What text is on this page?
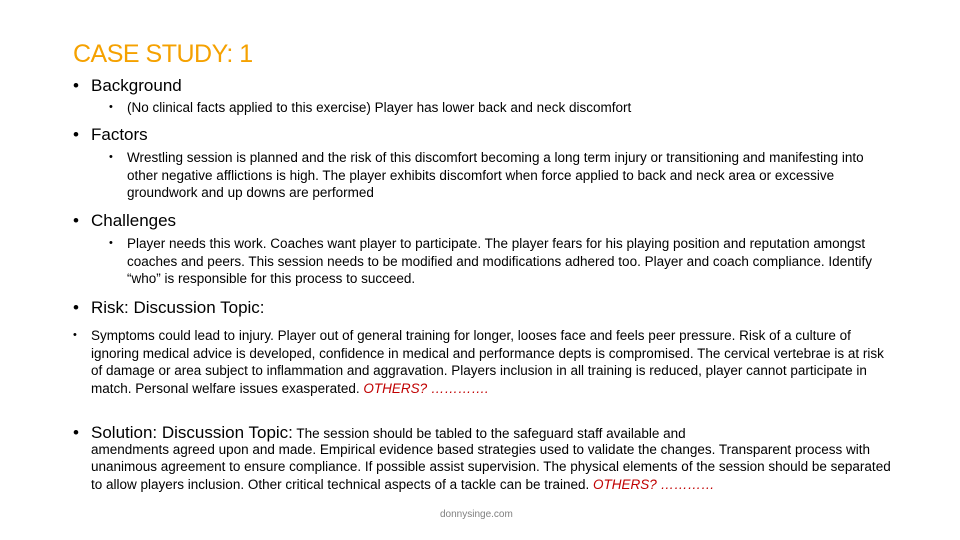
CASE STUDY: 1
• Background
•	(No clinical facts applied to this exercise) Player has lower back and neck discomfort
• Factors
•	Wrestling session is planned and the risk of this discomfort becoming a long term injury or transitioning and manifesting into other negative afflictions is high. The player exhibits discomfort when force applied to back and neck area or excessive groundwork and up downs are performed
• Challenges
•	Player needs this work. Coaches want player to participate. The player fears for his playing position and reputation amongst coaches and peers. This session needs to be modified and modifications adhered too. Player and coach compliance. Identify “who” is responsible for this process to succeed.
• Risk: Discussion Topic:
•	Symptoms could lead to injury. Player out of general training for longer, looses face and feels peer pressure. Risk of a culture of ignoring medical advice is developed, confidence in medical and performance depts is compromised. The cervical vertebrae is at risk of damage or area subject to inflammation and aggravation. Players inclusion in all training is reduced, player cannot participate in match. Personal welfare issues exasperated. OTHERS? ………….
• Solution: Discussion Topic: The session should be tabled to the safeguard staff available and
amendments agreed upon and made. Empirical evidence based strategies used to validate the changes. Transparent process with unanimous agreement to ensure compliance. If possible assist supervision. The physical elements of the session should be separated to allow players inclusion. Other critical technical aspects of a tackle can be trained. OTHERS? …………
donnysinge.com
